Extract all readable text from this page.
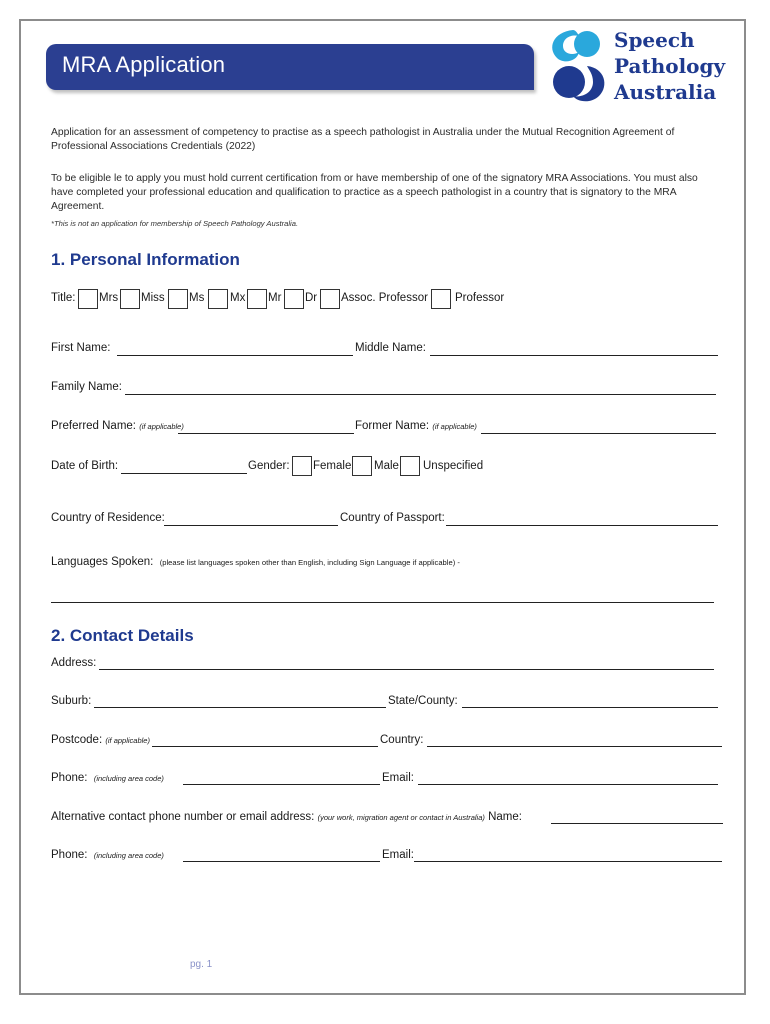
MRA Application
Speech
Pathology
Australia
Application for an assessment of competency to practise as a speech pathologist in Australia under the Mutual Recognition Agreement of Professional Associations Credentials (2022)
To be eligible le to apply you must hold current certification from or have membership of one of the signatory MRA Associations. You must also have completed your professional education and qualification to practice as a speech pathologist in a country that is signatory to the MRA Agreement.
*This is not an application for membership of Speech Pathology Australia.
1. Personal Information
Title: Mrs Miss Ms Mx Mr Dr Assoc. Professor Professor
First Name:	Middle Name:
Family Name:
Preferred Name: (if applicable)	Former Name: (if applicable)
Date of Birth:	Gender: Female Male Unspecified
Country of Residence:	Country of Passport:
Languages Spoken: (please list languages spoken other than English, including Sign Language if applicable) -
2. Contact Details
Address:
Suburb:	State/County:
Postcode: (if applicable)	Country:
Phone: (including area code)	Email:
Alternative contact phone number or email address: (your work, migration agent or contact in Australia) Name:
Phone: (including area code)	Email:
pg. 1
